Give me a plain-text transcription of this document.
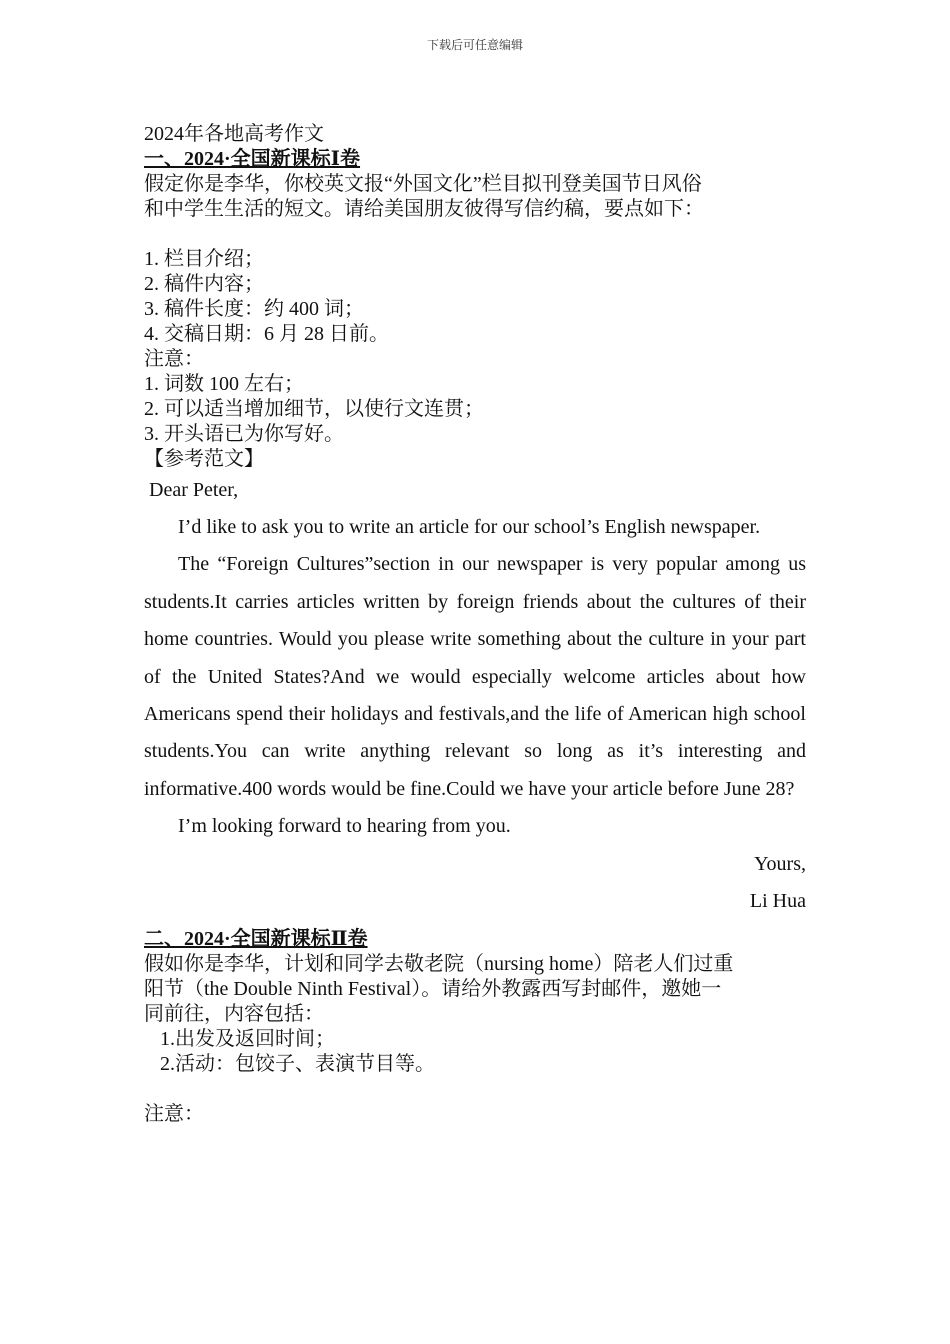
下载后可任意编辑
2024年各地高考作文
一、2024·全国新课标Ⅰ卷
假定你是李华，你校英文报“外国文化”栏目拟刊登美国节日风俗
和中学生生活的短文。请给美国朋友彼得写信约稿，要点如下：
1. 栏目介绍；
2. 稿件内容；
3. 稿件长度：约 400 词；
4. 交稿日期：6 月 28 日前。
注意：
1. 词数 100 左右；
2. 可以适当增加细节，以使行文连贯；
3. 开头语已为你写好。
【参考范文】
Dear Peter,
I’d like to ask you to write an article for our school’s English newspaper.
The “Foreign Cultures”section in our newspaper is very popular among us students.It carries articles written by foreign friends about the cultures of their home countries. Would you please write something about the culture in your part of the United States?And we would especially welcome articles about how Americans spend their holidays and festivals,and the life of American high school students.You can write anything relevant so long as it’s interesting and informative.400 words would be fine.Could we have your article before June 28?
I’m looking forward to hearing from you.
Yours,
Li Hua
二、2024·全国新课标Ⅱ卷
假如你是李华，计划和同学去敬老院（nursing home）陪老人们过重
阳节（the Double Ninth Festival）。请给外教露西写封邮件，邀她一
同前往，内容包括：
1.出发及返回时间；
2.活动：包饺子、表演节目等。
注意：
